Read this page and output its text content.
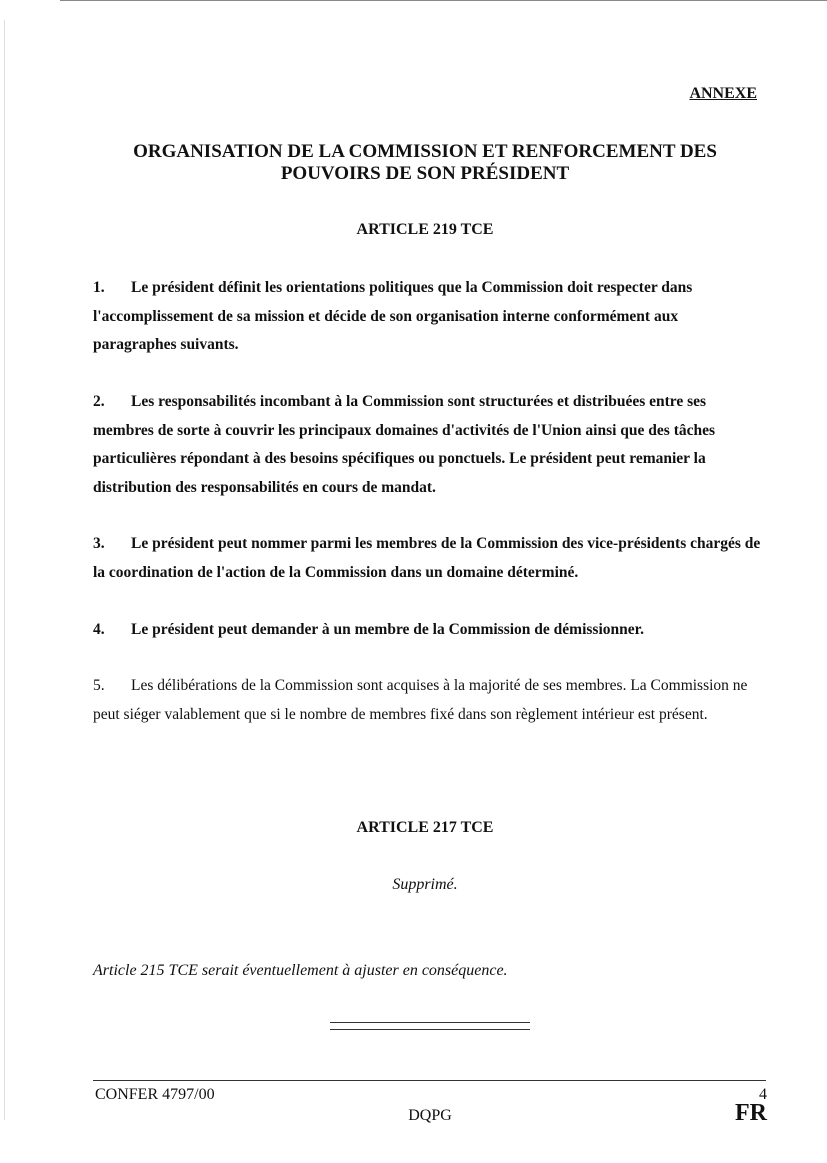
ANNEXE
ORGANISATION DE LA COMMISSION ET RENFORCEMENT DES
POUVOIRS DE SON PRÉSIDENT
ARTICLE 219 TCE
1. Le président définit les orientations politiques que la Commission doit respecter dans l'accomplissement de sa mission et décide de son organisation interne conformément aux paragraphes suivants.
2. Les responsabilités incombant à la Commission sont structurées et distribuées entre ses membres de sorte à couvrir les principaux domaines d'activités de l'Union ainsi que des tâches particulières répondant à des besoins spécifiques ou ponctuels. Le président peut remanier la distribution des responsabilités en cours de mandat.
3. Le président peut nommer parmi les membres de la Commission des vice-présidents chargés de la coordination de l'action de la Commission dans un domaine déterminé.
4. Le président peut demander à un membre de la Commission de démissionner.
5. Les délibérations de la Commission sont acquises à la majorité de ses membres. La Commission ne peut siéger valablement que si le nombre de membres fixé dans son règlement intérieur est présent.
ARTICLE 217 TCE
Supprimé.
Article 215 TCE serait éventuellement à ajuster en conséquence.
CONFER 4797/00	4
DQPG	FR
